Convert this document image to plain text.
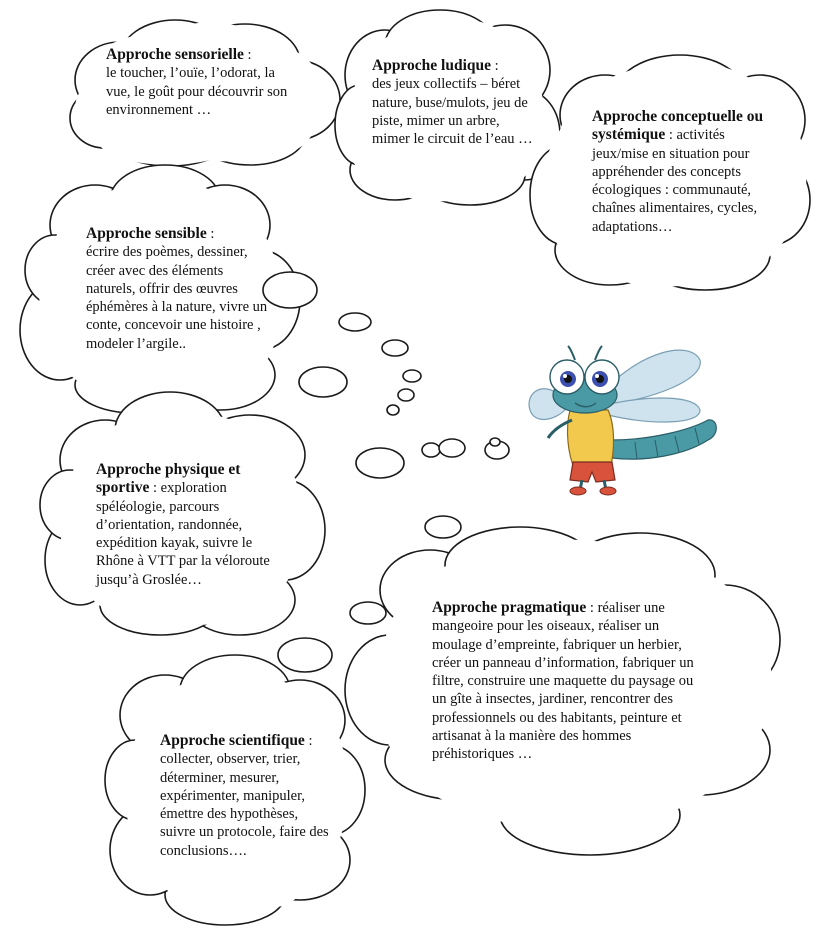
Approche sensorielle :
le toucher, l’ouïe, l’odorat, la vue, le goût pour découvrir son environnement …
Approche ludique :
des jeux collectifs – béret nature, buse/mulots, jeu de piste, mimer un arbre, mimer le circuit de l’eau …
Approche conceptuelle ou systémique : activités jeux/mise en situation pour appréhender des concepts écologiques : communauté, chaînes alimentaires, cycles, adaptations…
Approche sensible :
écrire des poèmes, dessiner, créer avec des éléments naturels, offrir des œuvres éphémères à la nature, vivre un conte, concevoir une histoire , modeler l’argile..
Approche physique et sportive : exploration spéléologie, parcours d’orientation, randonnée, expédition kayak, suivre le Rhône à VTT par la véloroute jusqu’à Groslée…
Approche pragmatique : réaliser une mangeoire pour les oiseaux, réaliser un moulage d’empreinte, fabriquer un herbier, créer un panneau d’information, fabriquer un filtre, construire une maquette du paysage ou un gîte à insectes, jardiner, rencontrer des professionnels ou des habitants, peinture et artisanat à la manière des hommes préhistoriques …
Approche scientifique : collecter, observer, trier, déterminer, mesurer, expérimenter, manipuler, émettre des hypothèses, suivre un protocole, faire des conclusions….
